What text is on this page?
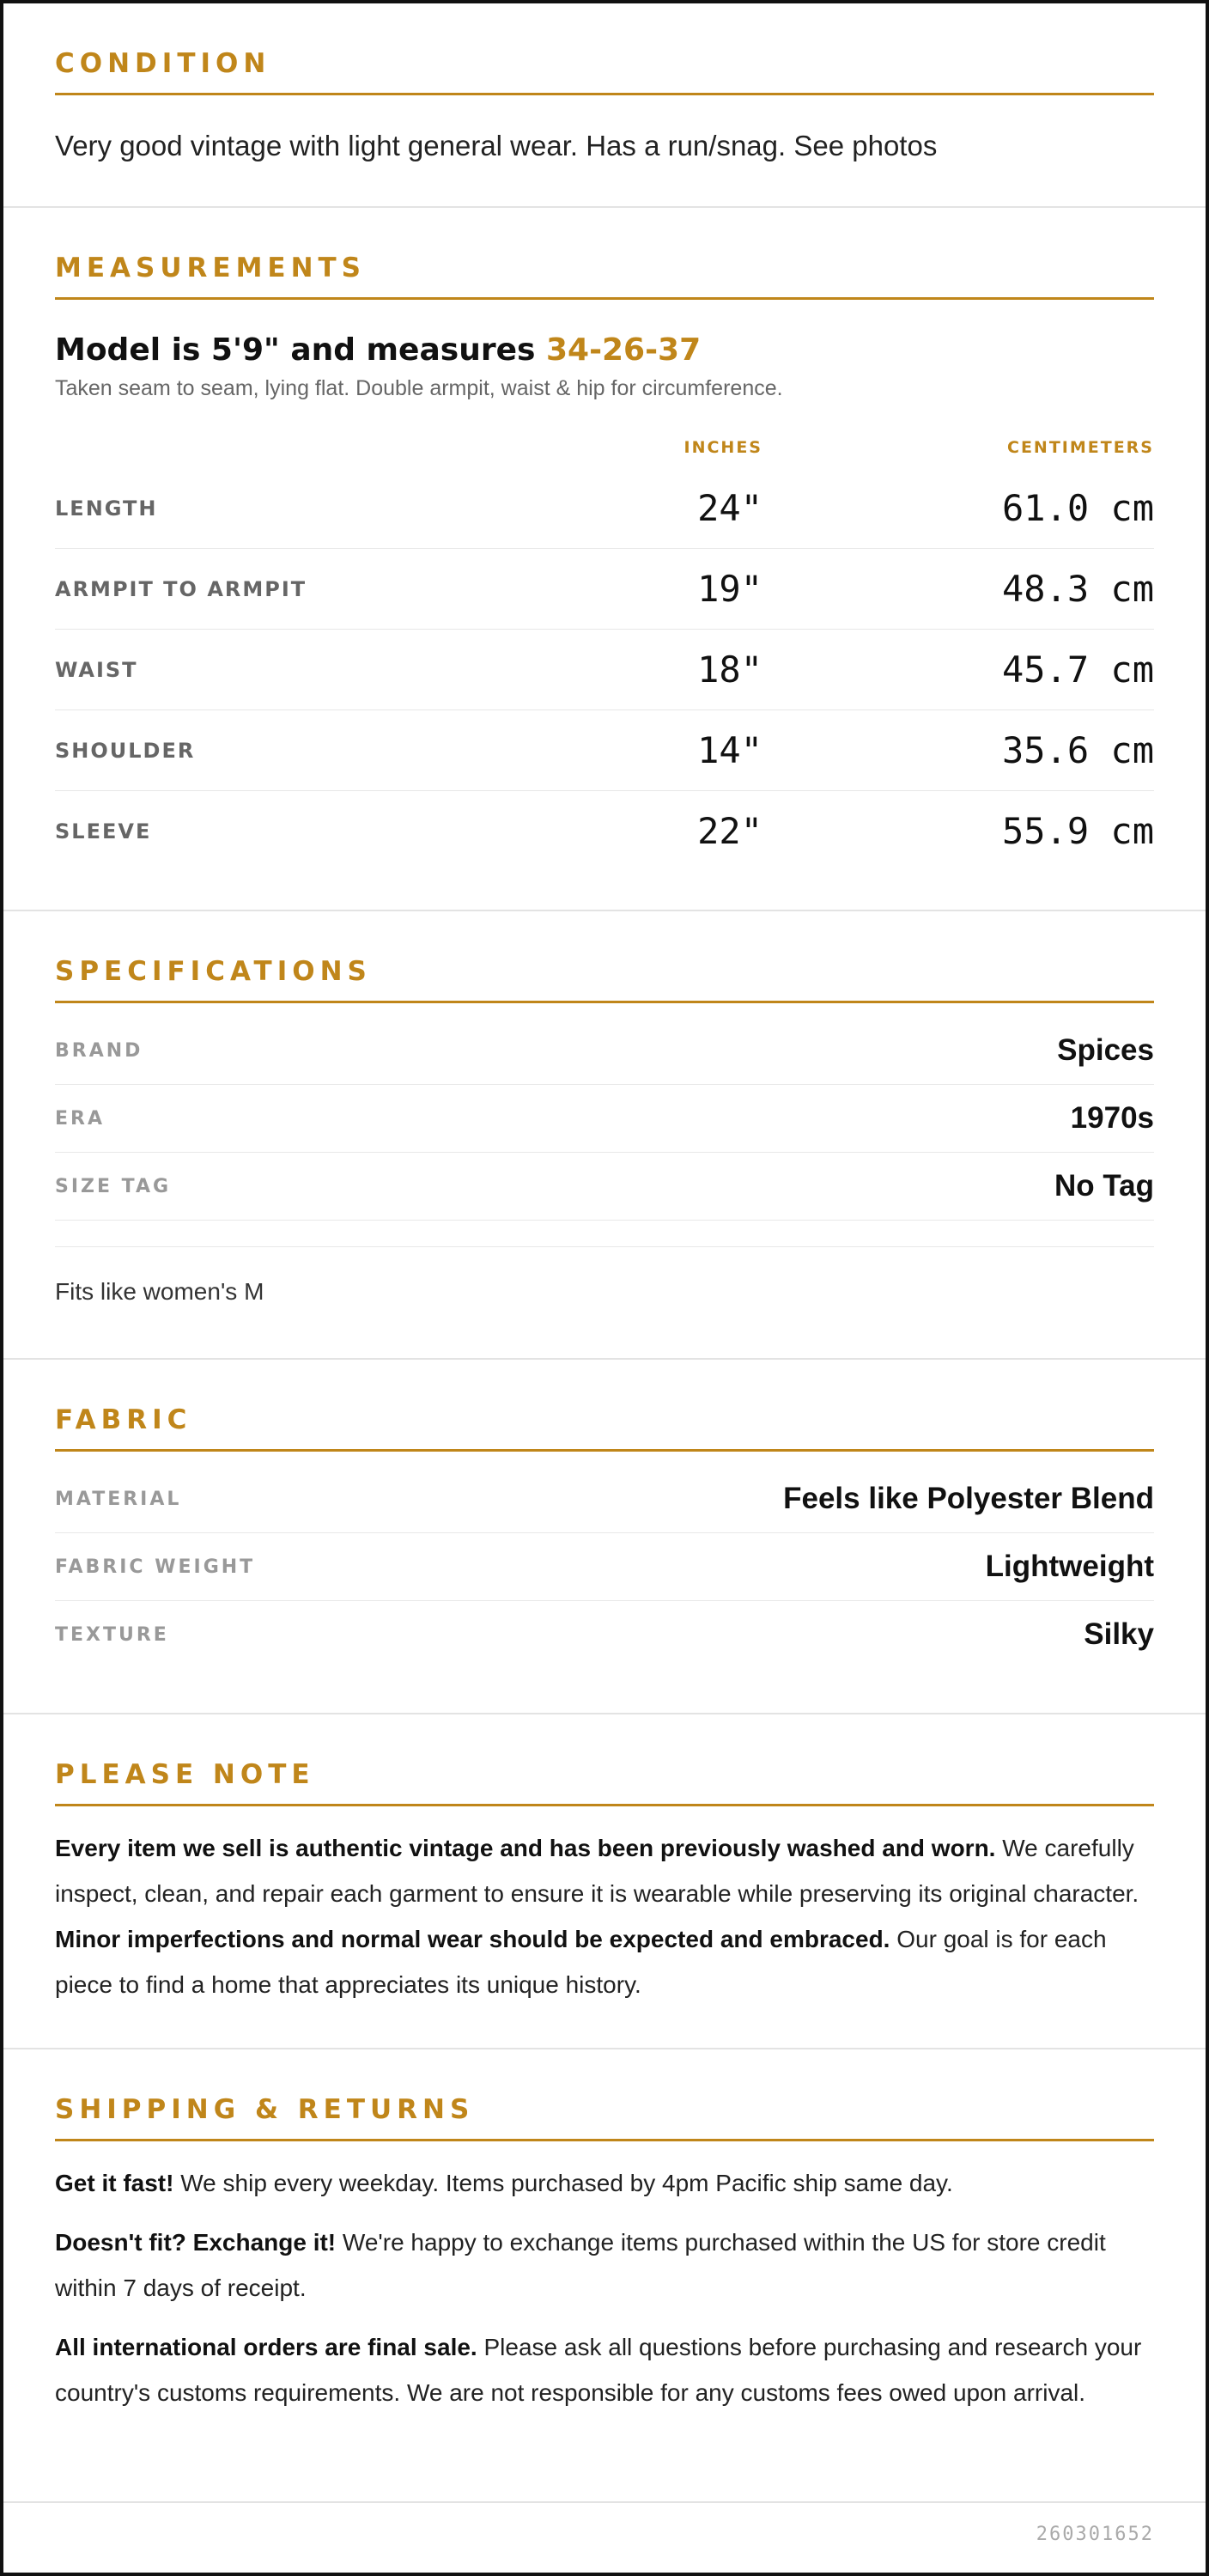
CONDITION
Very good vintage with light general wear. Has a run/snag. See photos
MEASUREMENTS
Model is 5'9" and measures 34-26-37
Taken seam to seam, lying flat. Double armpit, waist & hip for circumference.
INCHES	CENTIMETERS
LENGTH	24"	61.0 cm
ARMPIT TO ARMPIT	19"	48.3 cm
WAIST	18"	45.7 cm
SHOULDER	14"	35.6 cm
SLEEVE	22"	55.9 cm
SPECIFICATIONS
BRAND	Spices
ERA	1970s
SIZE TAG	No Tag
Fits like women's M
FABRIC
MATERIAL	Feels like Polyester Blend
FABRIC WEIGHT	Lightweight
TEXTURE	Silky
PLEASE NOTE

Every item we sell is authentic vintage and has been previously washed and worn. We carefully inspect, clean, and repair each garment to ensure it is wearable while preserving its original character. Minor imperfections and normal wear should be expected and embraced. Our goal is for each piece to find a home that appreciates its unique history.

SHIPPING & RETURNS

Get it fast! We ship every weekday. Items purchased by 4pm Pacific ship same day.

Doesn't fit? Exchange it! We're happy to exchange items purchased within the US for store credit within 7 days of receipt.

All international orders are final sale. Please ask all questions before purchasing and research your country's customs requirements. We are not responsible for any customs fees owed upon arrival.

260301652
